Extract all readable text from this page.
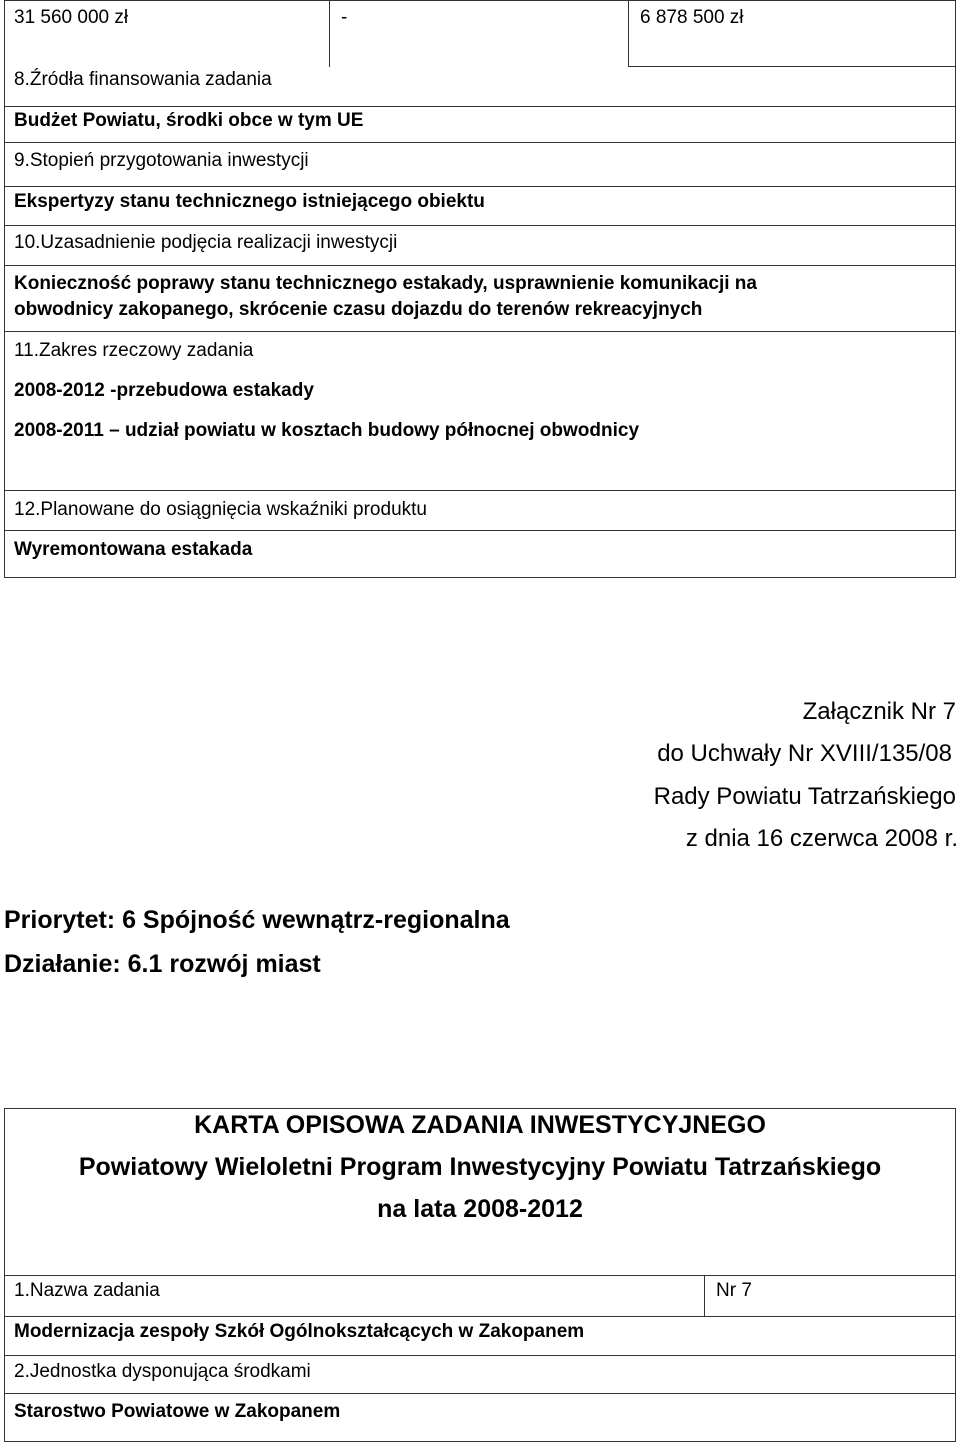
31 560 000 zł	-	6 878 500 zł
8.Źródła finansowania zadania
Budżet Powiatu, środki obce w tym UE
9.Stopień przygotowania inwestycji
Ekspertyzy stanu technicznego istniejącego obiektu
10.Uzasadnienie podjęcia realizacji inwestycji
Konieczność poprawy stanu technicznego estakady, usprawnienie komunikacji na
obwodnicy zakopanego, skrócenie czasu dojazdu do terenów rekreacyjnych
11.Zakres rzeczowy zadania
2008-2012 -przebudowa estakady
2008-2011 – udział powiatu w kosztach budowy północnej obwodnicy
12.Planowane do osiągnięcia wskaźniki produktu
Wyremontowana estakada
Załącznik Nr 7
do Uchwały Nr XVIII/135/08
Rady Powiatu Tatrzańskiego
z dnia 16 czerwca 2008 r.
Priorytet: 6 Spójność wewnątrz-regionalna
Działanie: 6.1 rozwój miast
KARTA OPISOWA ZADANIA INWESTYCYJNEGO
Powiatowy Wieloletni Program Inwestycyjny Powiatu Tatrzańskiego
na lata 2008-2012
1.Nazwa zadania	Nr 7
Modernizacja zespoły Szkół Ogólnokształcących w Zakopanem
2.Jednostka dysponująca środkami
Starostwo Powiatowe w Zakopanem
